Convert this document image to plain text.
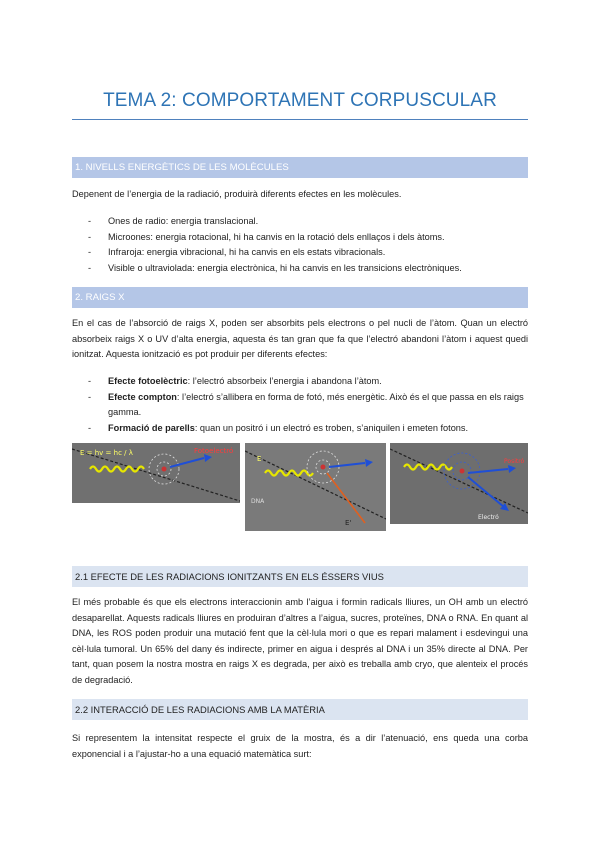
TEMA 2: COMPORTAMENT CORPUSCULAR
1. NIVELLS ENERGÈTICS DE LES MOLÈCULES
Depenent de l’energia de la radiació, produirà diferents efectes en les molècules.
- Ones de radio: energia translacional.
- Microones: energia rotacional, hi ha canvis en la rotació dels enllaços i dels àtoms.
- Infraroja: energia vibracional, hi ha canvis en els estats vibracionals.
- Visible o ultraviolada: energia electrònica, hi ha canvis en les transicions electròniques.
2. RAIGS X
En el cas de l’absorció de raigs X, poden ser absorbits pels electrons o pel nucli de l’àtom. Quan un electró absorbeix raigs X o UV d’alta energia, aquesta és tan gran que fa que l’electró abandoni l’àtom i aquest quedi ionitzat. Aquesta ionització es pot produir per diferents efectes:
- Efecte fotoelèctric: l’electró absorbeix l’energia i abandona l’àtom.
- Efecte compton: l’electró s’allibera en forma de fotó, més energètic. Això és el que passa en els raigs gamma.
- Formació de parells: quan un positró i un electró es troben, s’aniquilen i emeten fotons.
E = hv = hc / λ	Fotoelectró
E
E'
DNA
Positró
Electró
2.1 EFECTE DE LES RADIACIONS IONITZANTS EN ELS ÉSSERS VIUS
El més probable és que els electrons interaccionin amb l’aigua i formin radicals lliures, un OH amb un electró desaparellat. Aquests radicals lliures en produiran d’altres a l’aigua, sucres, proteïnes, DNA o RNA. En quant al DNA, les ROS poden produir una mutació fent que la cèl·lula mori o que es repari malament i esdevingui una cèl·lula tumoral. Un 65% del dany és indirecte, primer en aigua i després al DNA i un 35% directe al DNA. Per tant, quan posem la nostra mostra en raigs X es degrada, per això es treballa amb cryo, que alenteix el procés de degradació.
2.2 INTERACCIÓ DE LES RADIACIONS AMB LA MATÈRIA
Si representem la intensitat respecte el gruix de la mostra, és a dir l’atenuació, ens queda una corba exponencial i a l’ajustar-ho a una equació matemàtica surt:
